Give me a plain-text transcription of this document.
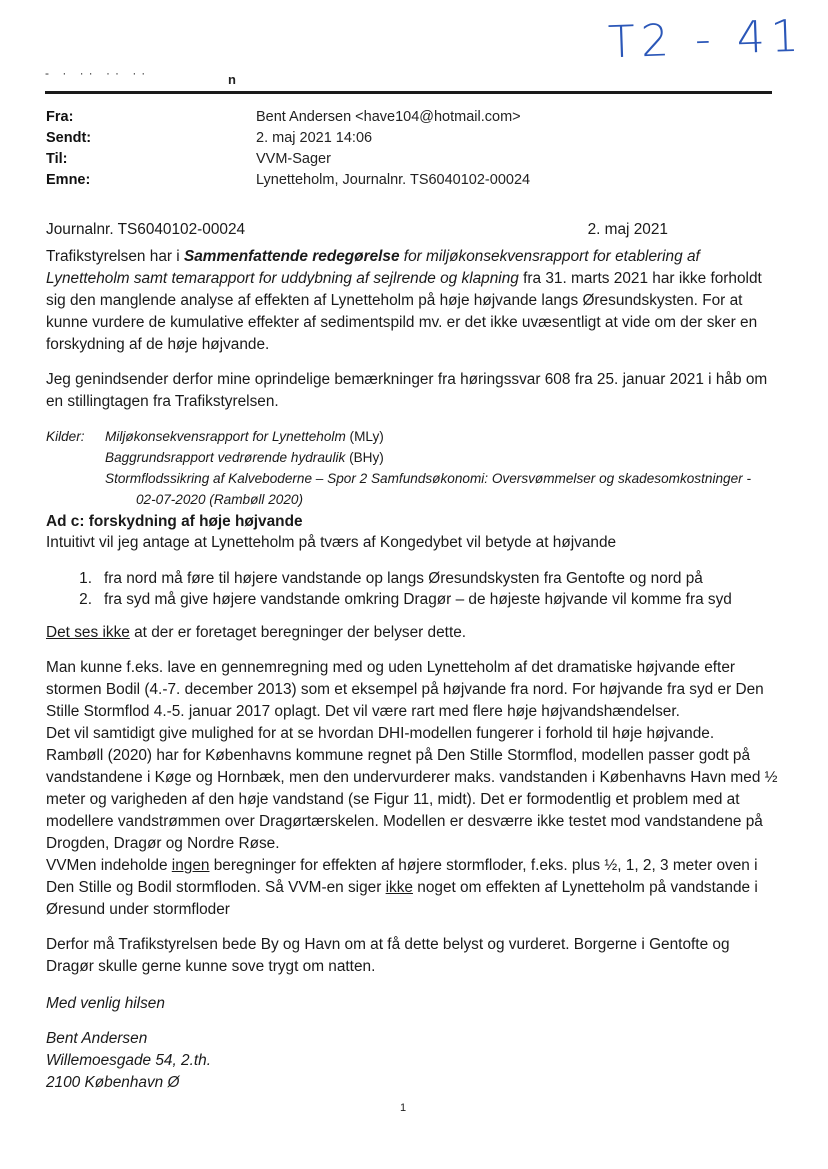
T2 - 41
- · ·· ·· ··	n
Fra:	Bent Andersen <have104@hotmail.com>
Sendt:	2. maj 2021 14:06
Til:	VVM-Sager
Emne:	Lynetteholm, Journalnr. TS6040102-00024
Journalnr. TS6040102-00024	2. maj 2021

Trafikstyrelsen har i Sammenfattende redegørelse for miljøkonsekvensrapport for etablering af

Lynetteholm samt temarapport for uddybning af sejlrende og klapning fra 31. marts 2021 har ikke forholdt

sig den manglende analyse af effekten af Lynetteholm på høje højvande langs Øresundskysten. For at

kunne vurdere de kumulative effekter af sedimentspild mv. er det ikke uvæsentligt at vide om der sker en

forskydning af de høje højvande.

Jeg genindsender derfor mine oprindelige bemærkninger fra høringssvar 608 fra 25. januar 2021 i håb om

en stillingtagen fra Trafikstyrelsen.

Kilder:	Miljøkonsekvensrapport for Lynetteholm (MLy)
Baggrundsrapport vedrørende hydraulik (BHy)
Stormflodssikring af Kalveboderne – Spor 2 Samfundsøkonomi: Oversvømmelser og skadesomkostninger -
02-07-2020 (Rambøll 2020)
Ad c: forskydning af høje højvande

Intuitivt vil jeg antage at Lynetteholm på tværs af Kongedybet vil betyde at højvande

1. fra nord må føre til højere vandstande op langs Øresundskysten fra Gentofte og nord på
2. fra syd må give højere vandstande omkring Dragør – de højeste højvande vil komme fra syd

Det ses ikke at der er foretaget beregninger der belyser dette.

Man kunne f.eks. lave en gennemregning med og uden Lynetteholm af det dramatiske højvande efter

stormen Bodil (4.-7. december 2013) som et eksempel på højvande fra nord. For højvande fra syd er Den

Stille Stormflod 4.-5. januar 2017 oplagt. Det vil være rart med flere høje højvandshændelser.

Det vil samtidigt give mulighed for at se hvordan DHI-modellen fungerer i forhold til høje højvande.

Rambøll (2020) har for Københavns kommune regnet på Den Stille Stormflod, modellen passer godt på

vandstandene i Køge og Hornbæk, men den undervurderer maks. vandstanden i Københavns Havn med ½

meter og varigheden af den høje vandstand (se Figur 11, midt). Det er formodentlig et problem med at

modellere vandstrømmen over Dragørtærskelen. Modellen er desværre ikke testet mod vandstandene på

Drogden, Dragør og Nordre Røse.

VVMen indeholde ingen beregninger for effekten af højere stormfloder, f.eks. plus ½, 1, 2, 3 meter oven i

Den Stille og Bodil stormfloden. Så VVM-en siger ikke noget om effekten af Lynetteholm på vandstande i

Øresund under stormfloder

Derfor må Trafikstyrelsen bede By og Havn om at få dette belyst og vurderet. Borgerne i Gentofte og

Dragør skulle gerne kunne sove trygt om natten.

Med venlig hilsen

Bent Andersen

Willemoesgade 54, 2.th.

2100 København Ø

1
